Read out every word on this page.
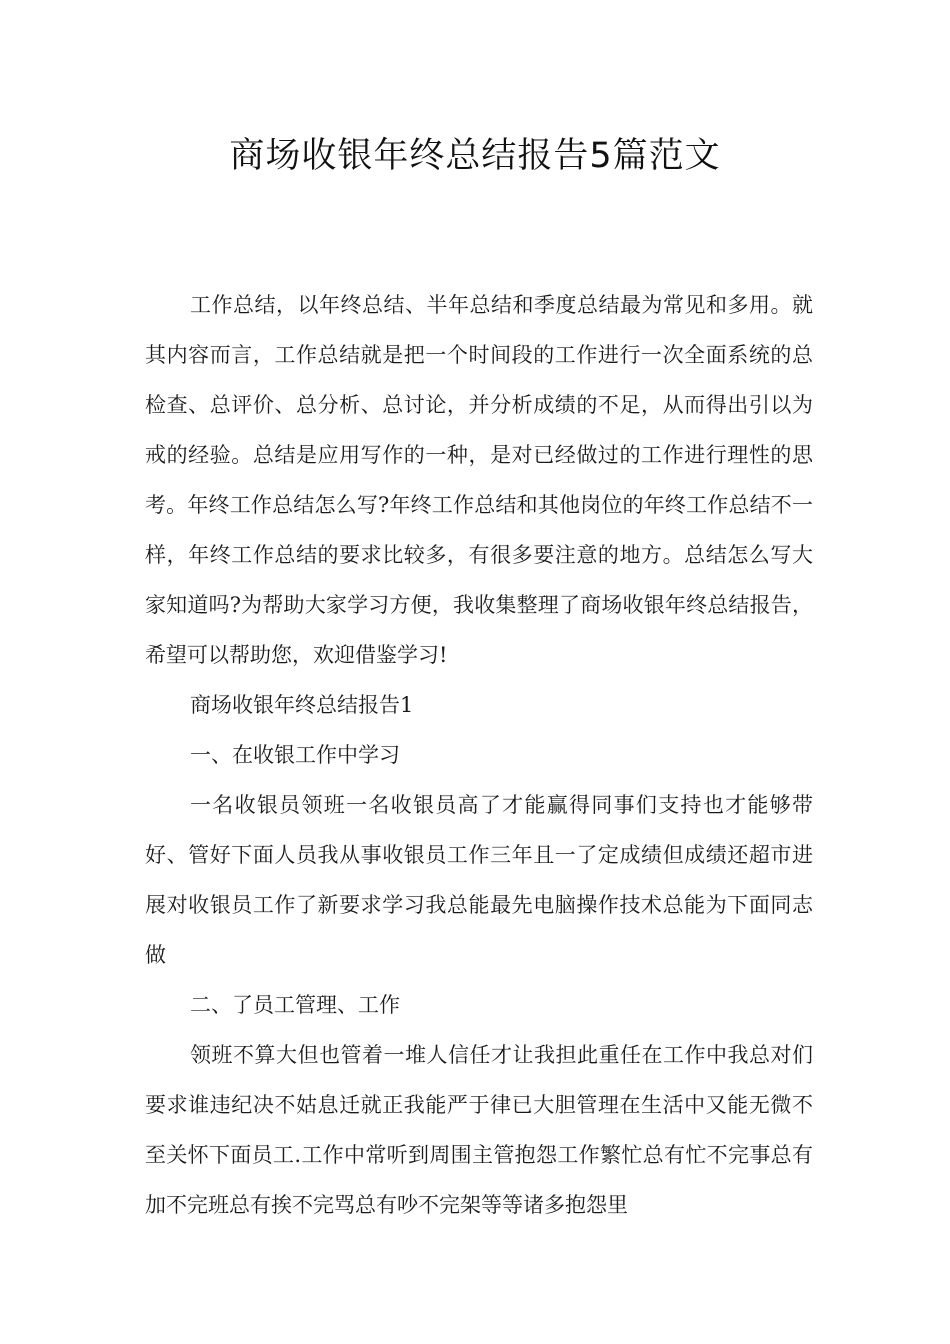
商场收银年终总结报告5篇范文

工作总结，以年终总结、半年总结和季度总结最为常见和多用。就其内容而言，工作总结就是把一个时间段的工作进行一次全面系统的总检查、总评价、总分析、总讨论，并分析成绩的不足，从而得出引以为戒的经验。总结是应用写作的一种，是对已经做过的工作进行理性的思考。年终工作总结怎么写?年终工作总结和其他岗位的年终工作总结不一样，年终工作总结的要求比较多，有很多要注意的地方。总结怎么写大家知道吗?为帮助大家学习方便，我收集整理了商场收银年终总结报告，希望可以帮助您，欢迎借鉴学习!

商场收银年终总结报告1

一、在收银工作中学习

一名收银员领班一名收银员高了才能赢得同事们支持也才能够带好、管好下面人员我从事收银员工作三年且一了定成绩但成绩还超市进展对收银员工作了新要求学习我总能最先电脑操作技术总能为下面同志做

二、了员工管理、工作

领班不算大但也管着一堆人信任才让我担此重任在工作中我总对们要求谁违纪决不姑息迁就正我能严于律已大胆管理在生活中又能无微不至关怀下面员工.工作中常听到周围主管抱怨工作繁忙总有忙不完事总有加不完班总有挨不完骂总有吵不完架等等诸多抱怨里
